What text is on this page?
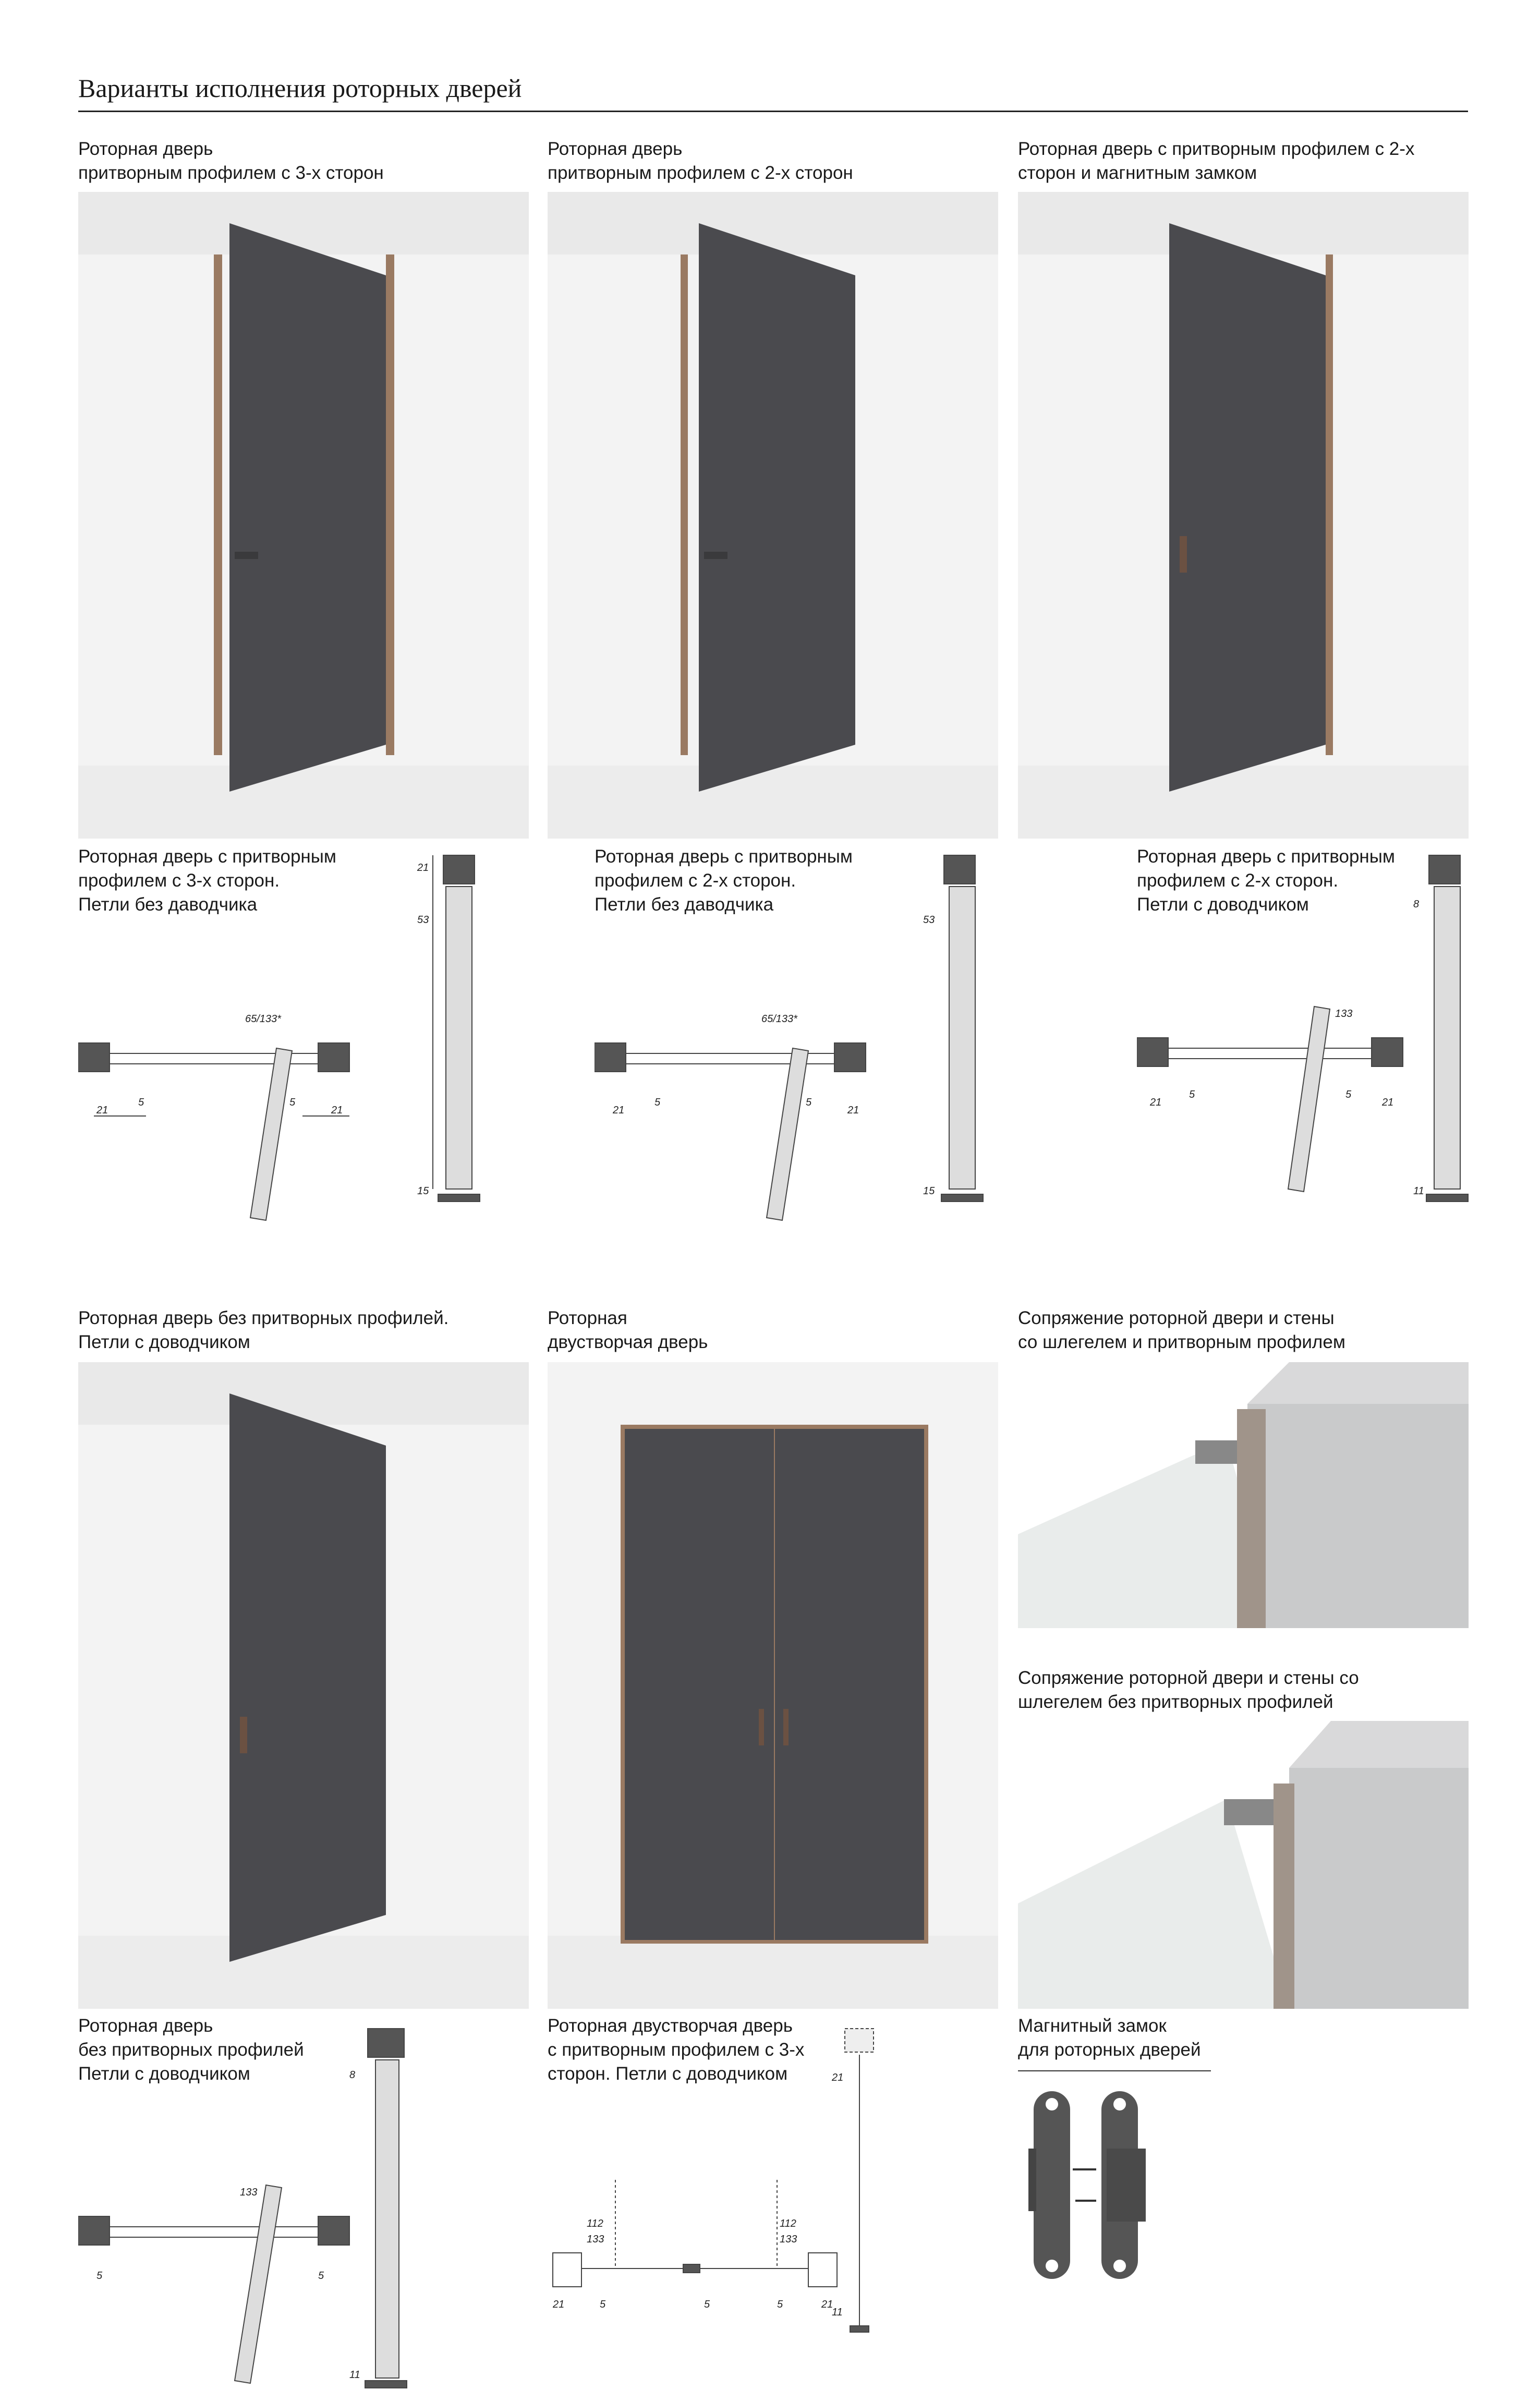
Варианты исполнения роторных дверей
Роторная дверь
притворным профилем с 3-х сторон
Роторная дверь
притворным профилем с 2-х сторон
Роторная дверь с притворным профилем с 2-х
сторон и магнитным замком
Роторная дверь с притворным
профилем с 3-х сторон.
Петли без даводчика
65/133*
21
5	5
21
21
53
15
Роторная дверь с притворным
профилем с 2-х сторон.
Петли без даводчика
65/133*
21
5	5
21
53
15
Роторная дверь с притворным
профилем с 2-х сторон.
Петли с доводчиком
133
21
5	5
21
8
11
Роторная дверь без притворных профилей.
Петли с доводчиком
Роторная
двустворчая дверь
Сопряжение роторной двери и стены
со шлегелем и притворным профилем
Сопряжение роторной двери и стены со
шлегелем без притворных профилей
Роторная дверь
без притворных профилей
Петли с доводчиком
133
5	5
8
11
Роторная двустворчая дверь
с притворным профилем с 3-х
сторон. Петли с доводчиком	21
11
112
133
112
133
21	5	5	5	21
Магнитный замок
для роторных дверей
